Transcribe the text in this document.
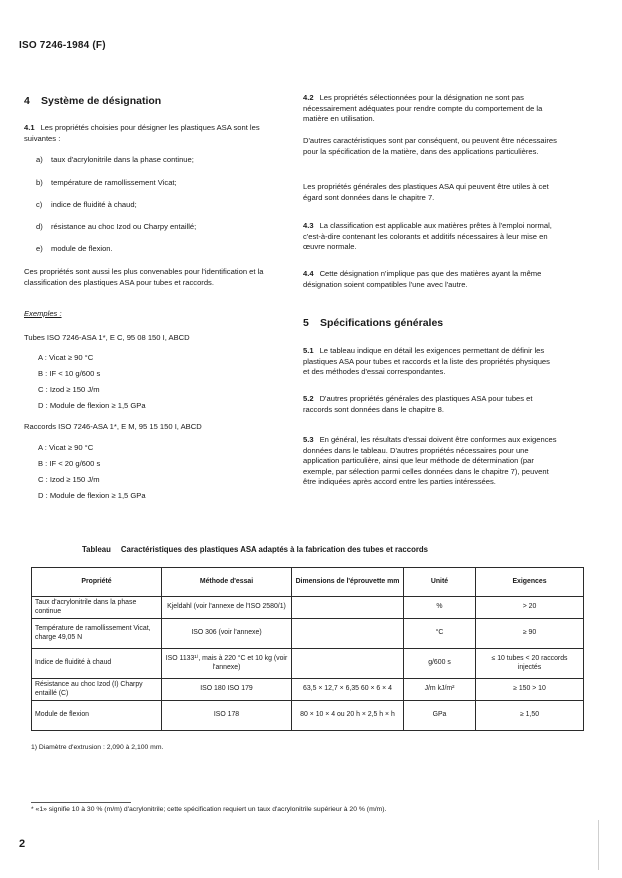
ISO 7246-1984 (F)
4 Système de désignation
4.1 Les propriétés choisies pour désigner les plastiques ASA sont les suivantes :
a) taux d'acrylonitrile dans la phase continue;
b) température de ramollissement Vicat;
c) indice de fluidité à chaud;
d) résistance au choc Izod ou Charpy entaillé;
e) module de flexion.
Ces propriétés sont aussi les plus convenables pour l'identification et la classification des plastiques ASA pour tubes et raccords.
Exemples :
Tubes ISO 7246-ASA 1*, E C, 95 08 150 I, ABCD
A : Vicat ≥ 90 °C
B : IF < 10 g/600 s
C : Izod ≥ 150 J/m
D : Module de flexion ≥ 1,5 GPa
Raccords ISO 7246-ASA 1*, E M, 95 15 150 I, ABCD
A : Vicat ≥ 90 °C
B : IF < 20 g/600 s
C : Izod ≥ 150 J/m
D : Module de flexion ≥ 1,5 GPa
4.2 Les propriétés sélectionnées pour la désignation ne sont pas nécessairement adéquates pour rendre compte du comportement de la matière en utilisation.
D'autres caractéristiques sont par conséquent, ou peuvent être nécessaires pour la spécification de la matière, dans des applications particulières.
Les propriétés générales des plastiques ASA qui peuvent être utiles à cet égard sont données dans le chapitre 7.
4.3 La classification est applicable aux matières prêtes à l'emploi normal, c'est-à-dire contenant les colorants et additifs nécessaires à leur mise en œuvre normale.
4.4 Cette désignation n'implique pas que des matières ayant la même désignation soient compatibles l'une avec l'autre.
5 Spécifications générales
5.1 Le tableau indique en détail les exigences permettant de définir les plastiques ASA pour tubes et raccords et la liste des propriétés physiques et des méthodes d'essai correspondantes.
5.2 D'autres propriétés générales des plastiques ASA pour tubes et raccords sont données dans le chapitre 8.
5.3 En général, les résultats d'essai doivent être conformes aux exigences données dans le tableau. D'autres propriétés nécessaires pour une application particulière, ainsi que leur méthode de détermination (par exemple, par sélection parmi celles données dans le chapitre 7), peuvent être indiquées après accord entre les parties intéressées.
Tableau Caractéristiques des plastiques ASA adaptés à la fabrication des tubes et raccords
Propriété	Méthode d'essai	Dimensions de l'éprouvette mm	Unité	Exigences
Taux d'acrylonitrile dans la phase continue	Kjeldahl (voir l'annexe de l'ISO 2580/1)		%	> 20
Température de ramollissement Vicat, charge 49,05 N	ISO 306 (voir l'annexe)		°C	≥ 90
Indice de fluidité à chaud	ISO 1133¹⁾, mais à 220 °C et 10 kg (voir l'annexe)		g/600 s	≤ 10 tubes < 20 raccords injectés
Résistance au choc Izod (I) Charpy entaillé (C)	ISO 180 ISO 179	63,5 × 12,7 × 6,35 60 × 6 × 4	J/m kJ/m²	≥ 150 > 10
Module de flexion	ISO 178	80 × 10 × 4 ou 20 h × 2,5 h × h	GPa	≥ 1,50
1) Diamètre d'extrusion : 2,090 à 2,100 mm.
* «1» signifie 10 à 30 % (m/m) d'acrylonitrile; cette spécification requiert un taux d'acrylonitrile supérieur à 20 % (m/m).
2
